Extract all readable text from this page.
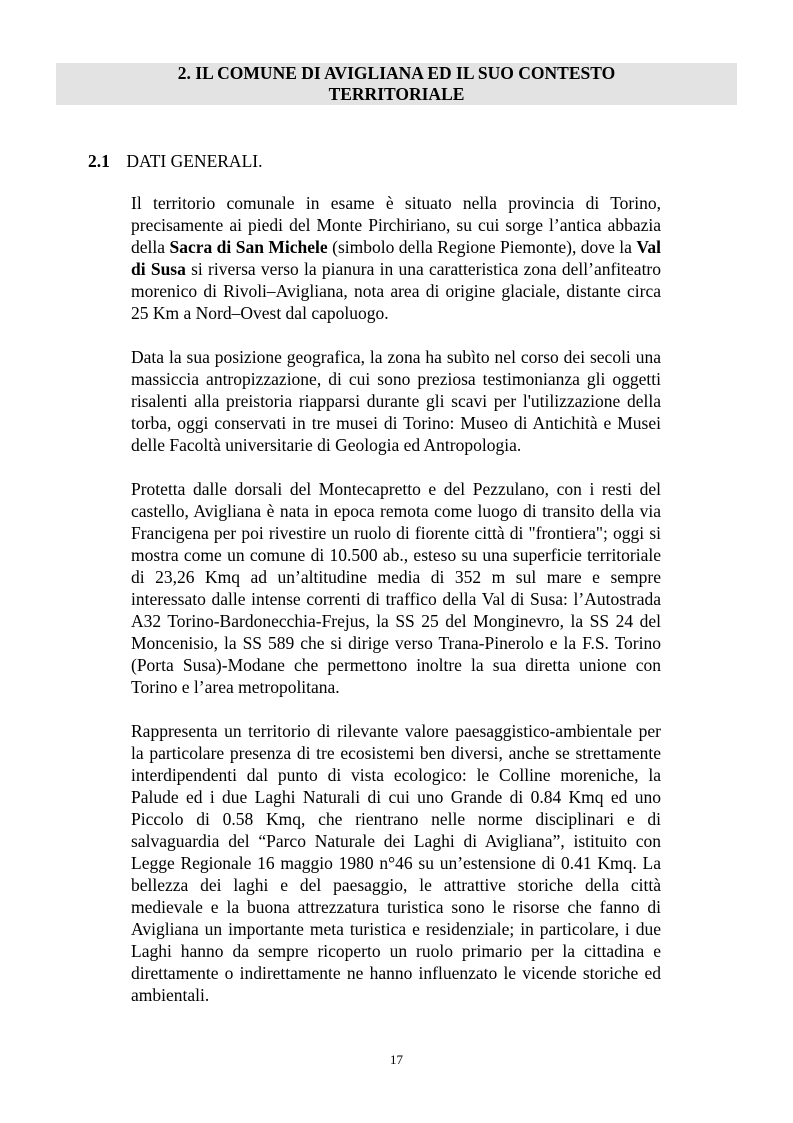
2. IL COMUNE DI AVIGLIANA ED IL SUO CONTESTO
TERRITORIALE
2.1 DATI GENERALI.

Il territorio comunale in esame è situato nella provincia di Torino, precisamente ai piedi del Monte Pirchiriano, su cui sorge l’antica abbazia della Sacra di San Michele (simbolo della Regione Piemonte), dove la Val di Susa si riversa verso la pianura in una caratteristica zona dell’anfiteatro morenico di Rivoli–Avigliana, nota area di origine glaciale, distante circa 25 Km a Nord–Ovest dal capoluogo.

Data la sua posizione geografica, la zona ha subìto nel corso dei secoli una massiccia antropizzazione, di cui sono preziosa testimonianza gli oggetti risalenti alla preistoria riapparsi durante gli scavi per l'utilizzazione della torba, oggi conservati in tre musei di Torino: Museo di Antichità e Musei delle Facoltà universitarie di Geologia ed Antropologia.

Protetta dalle dorsali del Montecapretto e del Pezzulano, con i resti del castello, Avigliana è nata in epoca remota come luogo di transito della via Francigena per poi rivestire un ruolo di fiorente città di "frontiera"; oggi si mostra come un comune di 10.500 ab., esteso su una superficie territoriale di 23,26 Kmq ad un’altitudine media di 352 m sul mare e sempre interessato dalle intense correnti di traffico della Val di Susa: l’Autostrada A32 Torino-Bardonecchia-Frejus, la SS 25 del Monginevro, la SS 24 del Moncenisio, la SS 589 che si dirige verso Trana-Pinerolo e la F.S. Torino (Porta Susa)-Modane che permettono inoltre la sua diretta unione con Torino e l’area metropolitana.

Rappresenta un territorio di rilevante valore paesaggistico-ambientale per la particolare presenza di tre ecosistemi ben diversi, anche se strettamente interdipendenti dal punto di vista ecologico: le Colline moreniche, la Palude ed i due Laghi Naturali di cui uno Grande di 0.84 Kmq ed uno Piccolo di 0.58 Kmq, che rientrano nelle norme disciplinari e di salvaguardia del “Parco Naturale dei Laghi di Avigliana”, istituito con Legge Regionale 16 maggio 1980 n°46 su un’estensione di 0.41 Kmq. La bellezza dei laghi e del paesaggio, le attrattive storiche della città medievale e la buona attrezzatura turistica sono le risorse che fanno di Avigliana un importante meta turistica e residenziale; in particolare, i due Laghi hanno da sempre ricoperto un ruolo primario per la cittadina e direttamente o indirettamente ne hanno influenzato le vicende storiche ed ambientali.

17
